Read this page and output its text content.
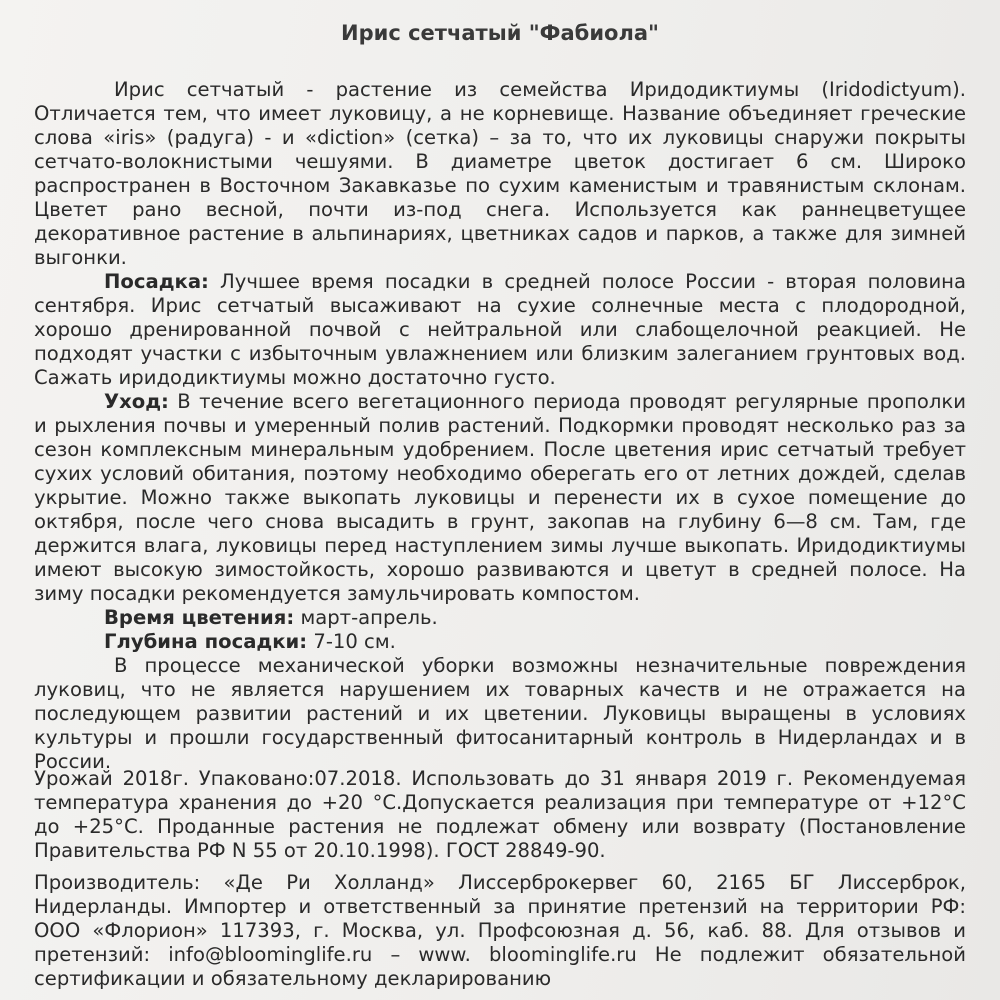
Ирис сетчатый "Фабиола"

Ирис сетчатый - растение из семейства Иридодиктиумы (Iridodictyum). Отличается тем, что имеет луковицу, а не корневище. Название объединяет греческие слова «iris» (радуга) - и «diction» (сетка) – за то, что их луковицы снаружи покрыты сетчато-волокнистыми чешуями. В диаметре цветок достигает 6 см. Широко распространен в Восточном Закавказье по сухим каменистым и травянистым склонам. Цветет рано весной, почти из-под снега. Используется как раннецветущее декоративное растение в альпинариях, цветниках садов и парков, а также для зимней выгонки.

Посадка: Лучшее время посадки в средней полосе России - вторая половина сентября. Ирис сетчатый высаживают на сухие солнечные места с плодородной, хорошо дренированной почвой с нейтральной или слабощелочной реакцией. Не подходят участки с избыточным увлажнением или близким залеганием грунтовых вод. Сажать иридодиктиумы можно достаточно густо.

Уход: В течение всего вегетационного периода проводят регулярные прополки и рыхления почвы и умеренный полив растений. Подкормки проводят несколько раз за сезон комплексным минеральным удобрением. После цветения ирис сетчатый требует сухих условий обитания, поэтому необходимо оберегать его от летних дождей, сделав укрытие. Можно также выкопать луковицы и перенести их в сухое помещение до октября, после чего снова высадить в грунт, закопав на глубину 6—8 см. Там, где держится влага, луковицы перед наступлением зимы лучше выкопать. Иридодиктиумы имеют высокую зимостойкость, хорошо развиваются и цветут в средней полосе. На зиму посадки рекомендуется замульчировать компостом.

Время цветения: март-апрель.

Глубина посадки: 7-10 см.

В процессе механической уборки возможны незначительные повреждения луковиц, что не является нарушением их товарных качеств и не отражается на последующем развитии растений и их цветении. Луковицы выращены в условиях культуры и прошли государственный фитосанитарный контроль в Нидерландах и в России.

Урожай 2018г. Упаковано:07.2018. Использовать до 31 января 2019 г. Рекомендуемая температура хранения до +20 °С.Допускается реализация при температуре от +12°С до +25°С. Проданные растения не подлежат обмену или возврату (Постановление Правительства РФ N 55 от 20.10.1998). ГОСТ 28849-90.

Производитель: «Де Ри Холланд» Лиссерброкервег 60, 2165 БГ Лиссерброк, Нидерланды. Импортер и ответственный за принятие претензий на территории РФ: ООО «Флорион» 117393, г. Москва, ул. Профсоюзная д. 56, каб. 88. Для отзывов и претензий: info@bloominglife.ru – www. bloominglife.ru Не подлежит обязательной сертификации и обязательному декларированию
